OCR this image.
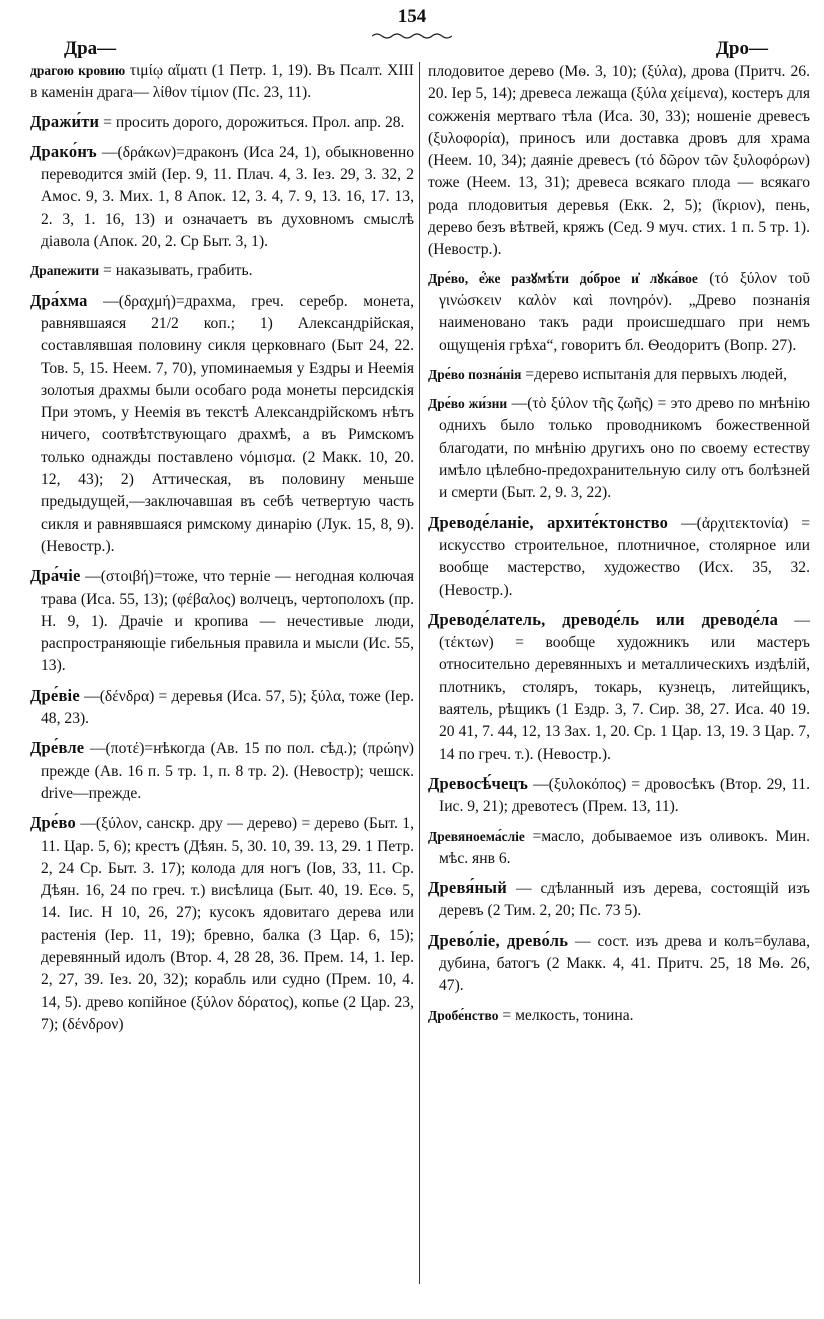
154
Дра—	Дро—

драгою кровию τιμίῳ αἵματι (1 Петр. 1, 19). Въ Псалт. XIII в каменін драга— λίθον τίμιον (Пс. 23, 11).

Дражи́ти = просить дорого, дорожиться. Прол. апр. 28.

Драко́нъ —(δράκων)=драконъ (Иса 24, 1), обыкновенно переводится змій (Іер. 9, 11. Плач. 4, 3. Іез. 29, 3. 32, 2 Амос. 9, 3. Мих. 1, 8 Апок. 12, 3. 4, 7. 9, 13. 16, 17. 13, 2. 3, 1. 16, 13) и означаетъ въ духовномъ смыслѣ діавола (Апок. 20, 2. Ср Быт. 3, 1).

Драпежити = наказывать, грабить.

Дра́хма —(δραχμή)=драхма, греч. серебр. монета, равнявшаяся 21/2 коп.; 1) Александрійская, составлявшая половину сикля церковнаго (Быт 24, 22. Тов. 5, 15. Неем. 7, 70), упоминаемыя у Ездры и Неемія золотыя драхмы были особаго рода монеты персидскія При этомъ, у Неемія въ текстѣ Александрійскомъ нѣтъ ничего, соотвѣтствующаго драхмѣ, а въ Римскомъ только однажды поставлено νόμισμα. (2 Макк. 10, 20. 12, 43); 2) Аттическая, въ половину меньше предыдущей,—заключавшая въ себѣ четвертую часть сикля и равнявшаяся римскому динарію (Лук. 15, 8, 9). (Невостр.).

Дра́чіе —(στοιβή)=тоже, что терніе — негодная колючая трава (Иса. 55, 13); (φέβαλος) волчецъ, чертополохъ (пр. Н. 9, 1). Драчіе и кропива — нечестивые люди, распространяющіе гибельныя правила и мысли (Ис. 55, 13).

Дре́віе —(δένδρα) = деревья (Иса. 57, 5); ξύλα, тоже (Іер. 48, 23).

Дре́вле —(ποτέ)=нѣкогда (Ав. 15 по пол. сѣд.); (πρώην) прежде (Ав. 16 п. 5 тр. 1, п. 8 тр. 2). (Невостр); чешск. drive—прежде.

Дре́во —(ξύλον, санскр. дру — дерево) = дерево (Быт. 1, 11. Цар. 5, 6); крестъ (Дѣян. 5, 30. 10, 39. 13, 29. 1 Петр. 2, 24 Ср. Быт. 3. 17); колода для ногъ (Іов, 33, 11. Ср. Дѣян. 16, 24 по греч. т.) висѣлица (Быт. 40, 19. Есѳ. 5, 14. Іис. Н 10, 26, 27); кусокъ ядовитаго дерева или растенія (Іер. 11, 19); бревно, балка (3 Цар. 6, 15); деревянный идолъ (Втор. 4, 28 28, 36. Прем. 14, 1. Іер. 2, 27, 39. Іез. 20, 32); корабль или судно (Прем. 10, 4. 14, 5). древо копійное (ξύλον δόρατος), копье (2 Цар. 23, 7); (δένδρον)

плодовитое дерево (Мѳ. 3, 10); (ξύλα), дрова (Притч. 26. 20. Іер 5, 14); древеса лежаща (ξύλα χείμενα), костеръ для сожженія мертваго тѣла (Иса. 30, 33); ношеніе древесъ (ξυλοφορία), приносъ или доставка дровъ для храма (Неем. 10, 34); даяніе древесъ (τό δῶρον τῶν ξυλοφόρων) тоже (Неем. 13, 31); древеса всякаго плода — всякаго рода плодовитыя деревья (Екк. 2, 5); (ἴκριον), пень, дерево безъ вѣтвей, кряжъ (Сед. 9 муч. стих. 1 п. 5 тр. 1). (Невостр.).

Дре́во, е҆́же разꙋмѣ́ти до́брое и҆ лꙋка́вое (τό ξύλον τοῦ γινώσκειν καλὸν καὶ πονηρόν). „Древо познанія наименовано такъ ради происшедшаго при немъ ощущенія грѣха“, говоритъ бл. Ѳеодоритъ (Вопр. 27).

Дре́во позна́нія =дерево испытанія для первыхъ людей,

Дре́во жи́зни —(τὸ ξύλον τῆς ζωῆς) = это древо по мнѣнію однихъ было только проводникомъ божественной благодати, по мнѣнію другихъ оно по своему естеству имѣло цѣлебно-предохранительную силу отъ болѣзней и смерти (Быт. 2, 9. 3, 22).

Древоде́ланіе, архите́ктонство —(ἀρχιτεκτονία) = искусство строительное, плотничное, столярное или вообще мастерство, художество (Исх. 35, 32. (Невостр.).

Древоде́латель, древоде́ль или древоде́ла —(τέκτων) = вообще художникъ или мастеръ относительно деревянныхъ и металлическихъ издѣлій, плотникъ, столяръ, токарь, кузнецъ, литейщикъ, ваятель, рѣщикъ (1 Ездр. 3, 7. Сир. 38, 27. Иса. 40 19. 20 41, 7. 44, 12, 13 Зах. 1, 20. Ср. 1 Цар. 13, 19. 3 Цар. 7, 14 по греч. т.). (Невостр.).

Древосѣ́чецъ —(ξυλοκόπος) = дровосѣкъ (Втор. 29, 11. Іис. 9, 21); древотесъ (Прем. 13, 11).

Древяноема́сліе =масло, добываемое изъ оливокъ. Мин. мѣс. янв 6.

Древя́ный — сдѣланный изъ дерева, состоящій изъ деревъ (2 Тим. 2, 20; Пс. 73 5).

Древо́ліе, древо́ль — сост. изъ древа и колъ=булава, дубина, батогъ (2 Макк. 4, 41. Притч. 25, 18 Мѳ. 26, 47).

Дробе́нство = мелкость, тонина.
